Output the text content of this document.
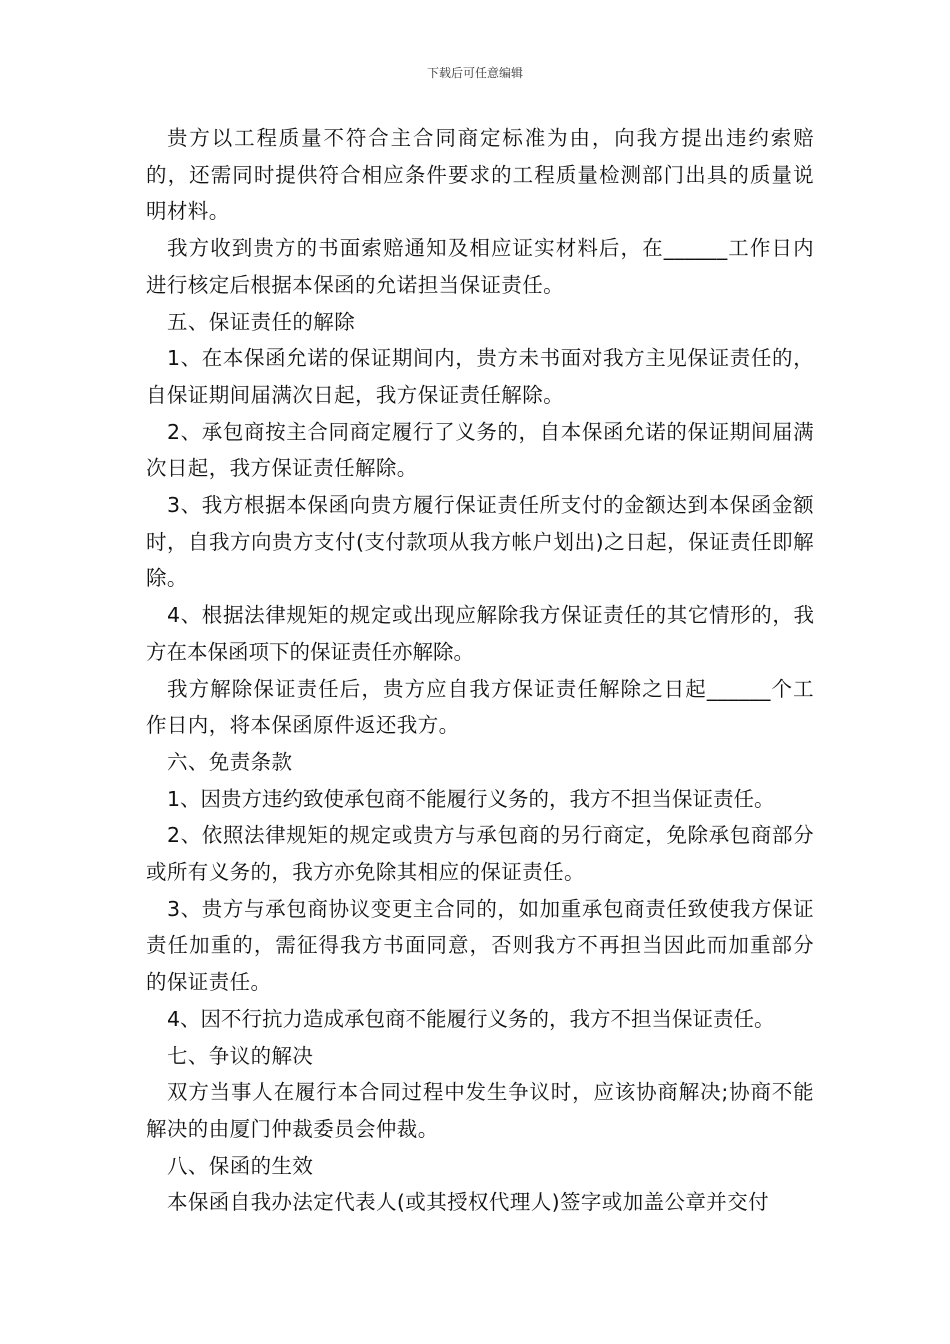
下载后可任意编辑

贵方以工程质量不符合主合同商定标准为由，向我方提出违约索赔的，还需同时提供符合相应条件要求的工程质量检测部门出具的质量说明材料。

我方收到贵方的书面索赔通知及相应证实材料后，在______工作日内进行核定后根据本保函的允诺担当保证责任。

五、保证责任的解除

1、在本保函允诺的保证期间内，贵方未书面对我方主见保证责任的，自保证期间届满次日起，我方保证责任解除。

2、承包商按主合同商定履行了义务的，自本保函允诺的保证期间届满次日起，我方保证责任解除。

3、我方根据本保函向贵方履行保证责任所支付的金额达到本保函金额时，自我方向贵方支付(支付款项从我方帐户划出)之日起，保证责任即解除。

4、根据法律规矩的规定或出现应解除我方保证责任的其它情形的，我方在本保函项下的保证责任亦解除。

我方解除保证责任后，贵方应自我方保证责任解除之日起______个工作日内，将本保函原件返还我方。

六、免责条款

1、因贵方违约致使承包商不能履行义务的，我方不担当保证责任。

2、依照法律规矩的规定或贵方与承包商的另行商定，免除承包商部分或所有义务的，我方亦免除其相应的保证责任。

3、贵方与承包商协议变更主合同的，如加重承包商责任致使我方保证责任加重的，需征得我方书面同意，否则我方不再担当因此而加重部分的保证责任。

4、因不行抗力造成承包商不能履行义务的，我方不担当保证责任。

七、争议的解决

双方当事人在履行本合同过程中发生争议时，应该协商解决;协商不能解决的由厦门仲裁委员会仲裁。

八、保函的生效

本保函自我办法定代表人(或其授权代理人)签字或加盖公章并交付
